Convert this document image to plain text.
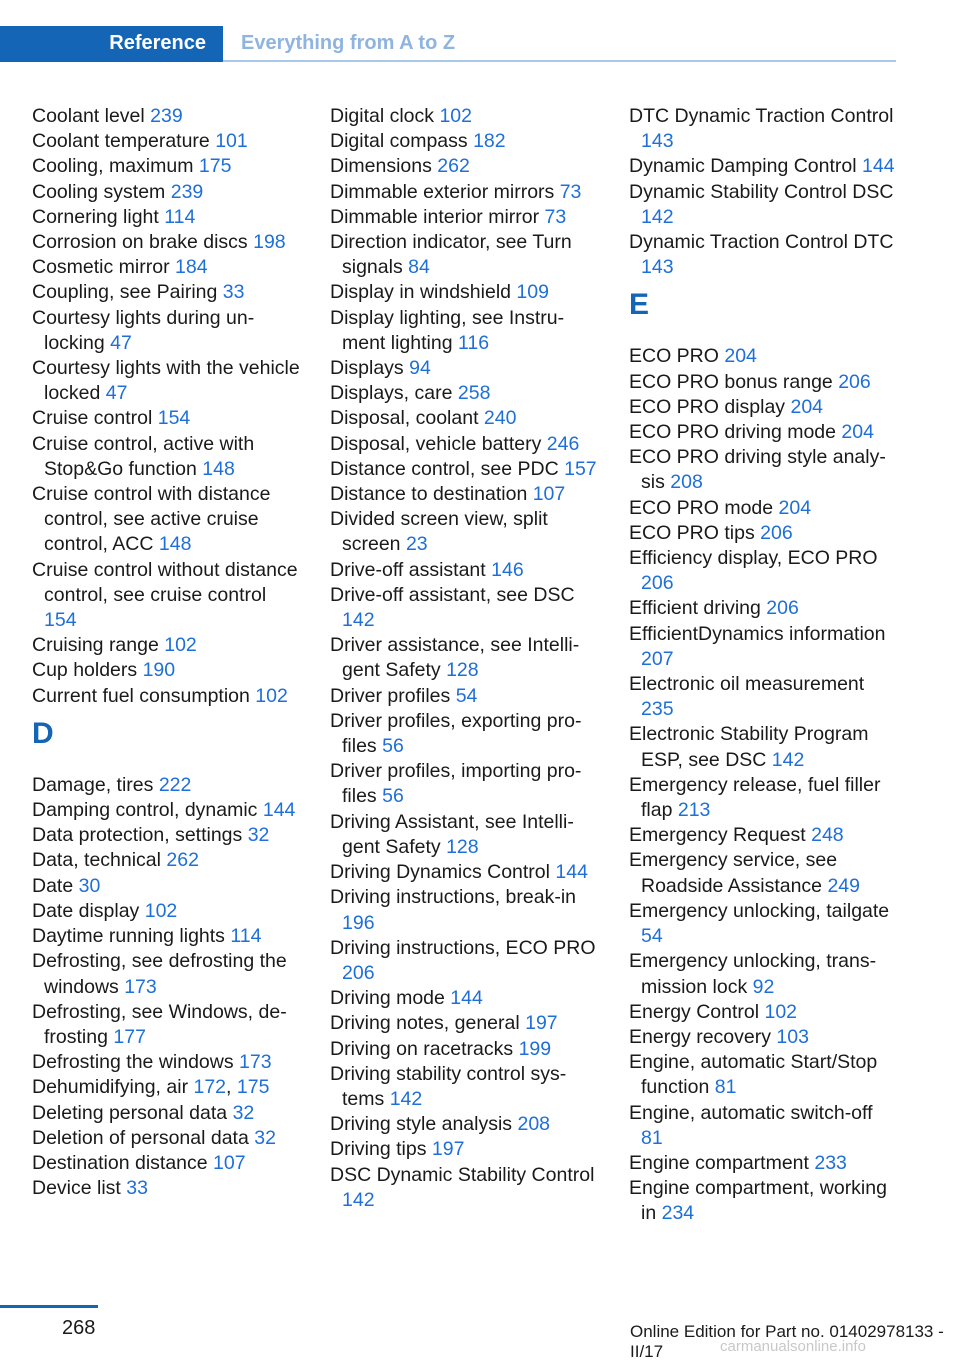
Reference	Everything from A to Z
Coolant level 239
Coolant temperature 101
Cooling, maximum 175
Cooling system 239
Cornering light 114
Corrosion on brake discs 198
Cosmetic mirror 184
Coupling, see Pairing 33
Courtesy lights during unlocking 47
Courtesy lights with the vehicle locked 47
Cruise control 154
Cruise control, active with Stop&Go function 148
Cruise control with distance control, see active cruise control, ACC 148
Cruise control without distance control, see cruise control 154
Cruising range 102
Cup holders 190
Current fuel consumption 102
D
Damage, tires 222
Damping control, dynamic 144
Data protection, settings 32
Data, technical 262
Date 30
Date display 102
Daytime running lights 114
Defrosting, see defrosting the windows 173
Defrosting, see Windows, defrosting 177
Defrosting the windows 173
Dehumidifying, air 172, 175
Deleting personal data 32
Deletion of personal data 32
Destination distance 107
Device list 33
Digital clock 102
Digital compass 182
Dimensions 262
Dimmable exterior mirrors 73
Dimmable interior mirror 73
Direction indicator, see Turn signals 84
Display in windshield 109
Display lighting, see Instrument lighting 116
Displays 94
Displays, care 258
Disposal, coolant 240
Disposal, vehicle battery 246
Distance control, see PDC 157
Distance to destination 107
Divided screen view, split screen 23
Drive-off assistant 146
Drive-off assistant, see DSC 142
Driver assistance, see Intelligent Safety 128
Driver profiles 54
Driver profiles, exporting profiles 56
Driver profiles, importing profiles 56
Driving Assistant, see Intelligent Safety 128
Driving Dynamics Control 144
Driving instructions, break-in 196
Driving instructions, ECO PRO 206
Driving mode 144
Driving notes, general 197
Driving on racetracks 199
Driving stability control systems 142
Driving style analysis 208
Driving tips 197
DSC Dynamic Stability Control 142
DTC Dynamic Traction Control 143
Dynamic Damping Control 144
Dynamic Stability Control DSC 142
Dynamic Traction Control DTC 143
E
ECO PRO 204
ECO PRO bonus range 206
ECO PRO display 204
ECO PRO driving mode 204
ECO PRO driving style analysis 208
ECO PRO mode 204
ECO PRO tips 206
Efficiency display, ECO PRO 206
Efficient driving 206
EfficientDynamics information 207
Electronic oil measurement 235
Electronic Stability Program ESP, see DSC 142
Emergency release, fuel filler flap 213
Emergency Request 248
Emergency service, see Roadside Assistance 249
Emergency unlocking, tailgate 54
Emergency unlocking, transmission lock 92
Energy Control 102
Energy recovery 103
Engine, automatic Start/Stop function 81
Engine, automatic switch-off 81
Engine compartment 233
Engine compartment, working in 234
268	Online Edition for Part no. 01402978133 - II/17	carmanualsonline.info
